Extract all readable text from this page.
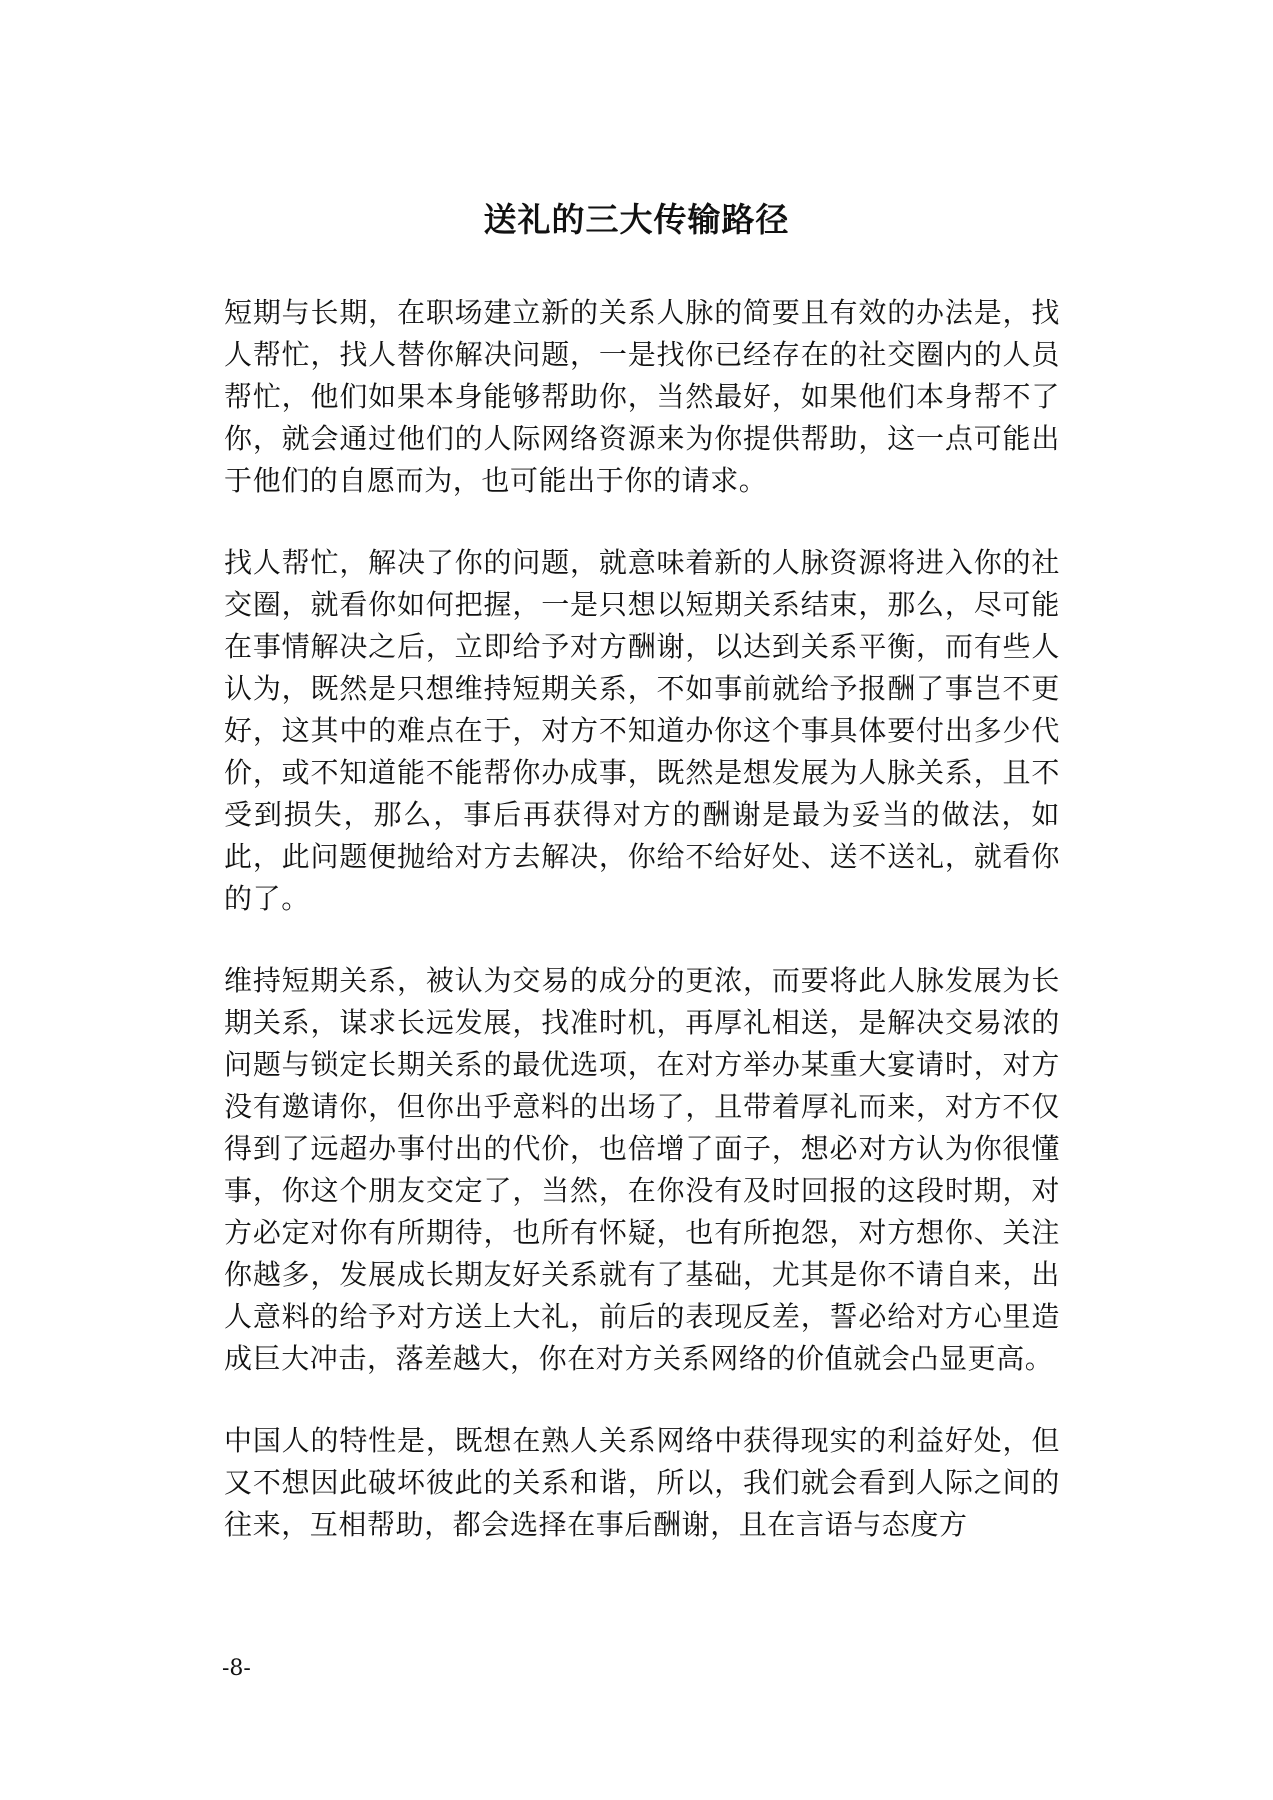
送礼的三大传输路径

短期与长期，在职场建立新的关系人脉的简要且有效的办法是，找人帮忙，找人替你解决问题，一是找你已经存在的社交圈内的人员帮忙，他们如果本身能够帮助你，当然最好，如果他们本身帮不了你，就会通过他们的人际网络资源来为你提供帮助，这一点可能出于他们的自愿而为，也可能出于你的请求。

找人帮忙，解决了你的问题，就意味着新的人脉资源将进入你的社交圈，就看你如何把握，一是只想以短期关系结束，那么，尽可能在事情解决之后，立即给予对方酬谢，以达到关系平衡，而有些人认为，既然是只想维持短期关系，不如事前就给予报酬了事岂不更好，这其中的难点在于，对方不知道办你这个事具体要付出多少代价，或不知道能不能帮你办成事，既然是想发展为人脉关系，且不受到损失，那么，事后再获得对方的酬谢是最为妥当的做法，如此，此问题便抛给对方去解决，你给不给好处、送不送礼，就看你的了。

维持短期关系，被认为交易的成分的更浓，而要将此人脉发展为长期关系，谋求长远发展，找准时机，再厚礼相送，是解决交易浓的问题与锁定长期关系的最优选项，在对方举办某重大宴请时，对方没有邀请你，但你出乎意料的出场了，且带着厚礼而来，对方不仅得到了远超办事付出的代价，也倍增了面子，想必对方认为你很懂事，你这个朋友交定了，当然，在你没有及时回报的这段时期，对方必定对你有所期待，也所有怀疑，也有所抱怨，对方想你、关注你越多，发展成长期友好关系就有了基础，尤其是你不请自来，出人意料的给予对方送上大礼，前后的表现反差，誓必给对方心里造成巨大冲击，落差越大，你在对方关系网络的价值就会凸显更高。

中国人的特性是，既想在熟人关系网络中获得现实的利益好处，但又不想因此破坏彼此的关系和谐，所以，我们就会看到人际之间的往来，互相帮助，都会选择在事后酬谢，且在言语与态度方

-8-
